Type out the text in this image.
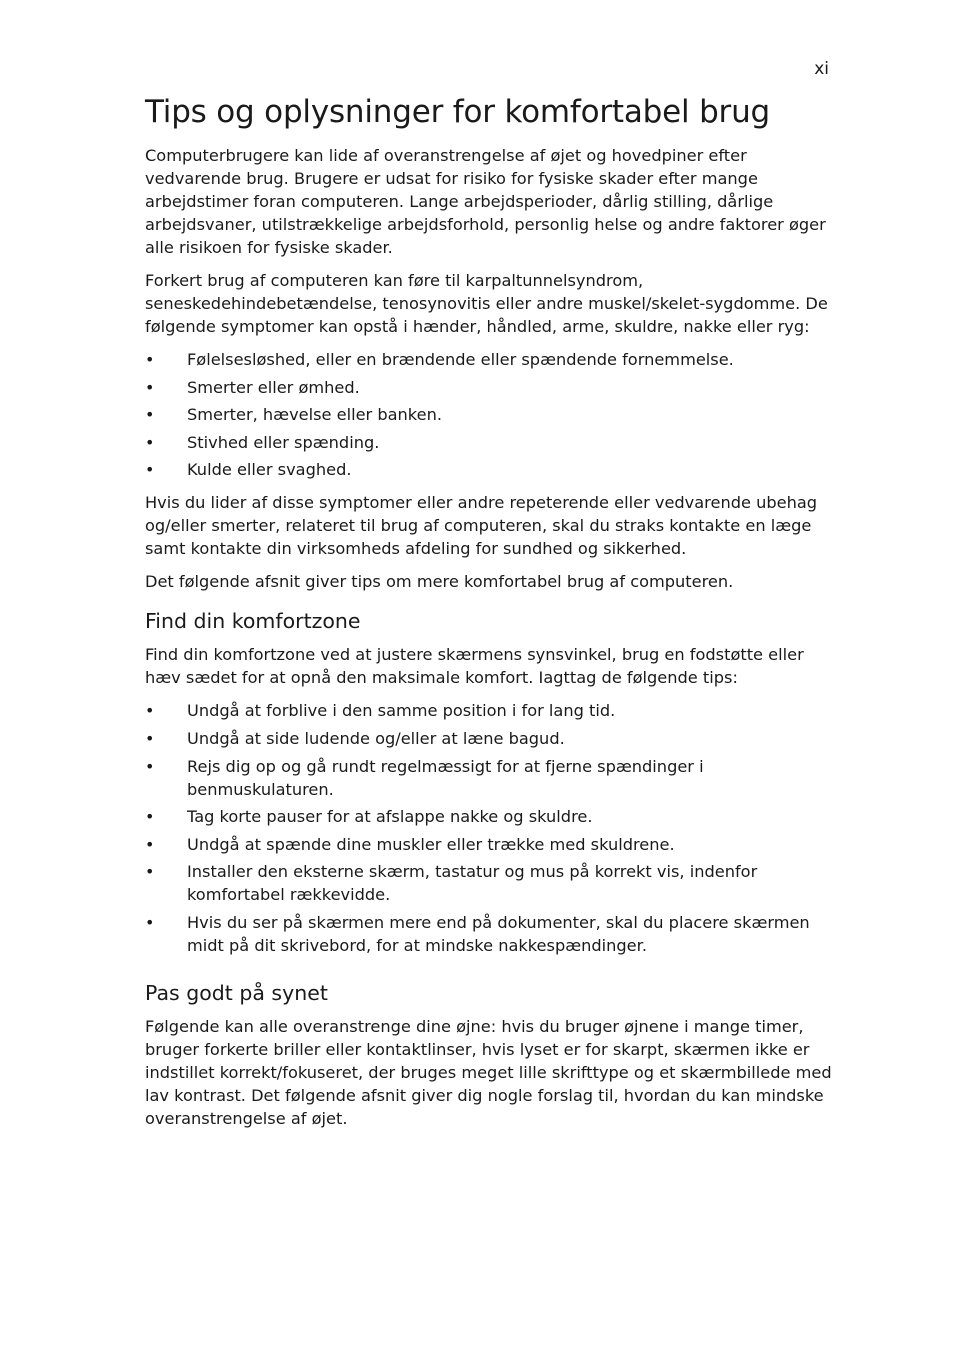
xi
Tips og oplysninger for komfortabel brug

Computerbrugere kan lide af overanstrengelse af øjet og hovedpiner efter vedvarende brug. Brugere er udsat for risiko for fysiske skader efter mange arbejdstimer foran computeren. Lange arbejdsperioder, dårlig stilling, dårlige arbejdsvaner, utilstrækkelige arbejdsforhold, personlig helse og andre faktorer øger alle risikoen for fysiske skader.

Forkert brug af computeren kan føre til karpaltunnelsyndrom, seneskedehindebetændelse, tenosynovitis eller andre muskel/skelet-sygdomme. De følgende symptomer kan opstå i hænder, håndled, arme, skuldre, nakke eller ryg:

• Følelsesløshed, eller en brændende eller spændende fornemmelse.
• Smerter eller ømhed.
• Smerter, hævelse eller banken.
• Stivhed eller spænding.
• Kulde eller svaghed.

Hvis du lider af disse symptomer eller andre repeterende eller vedvarende ubehag og/eller smerter, relateret til brug af computeren, skal du straks kontakte en læge samt kontakte din virksomheds afdeling for sundhed og sikkerhed.

Det følgende afsnit giver tips om mere komfortabel brug af computeren.

Find din komfortzone

Find din komfortzone ved at justere skærmens synsvinkel, brug en fodstøtte eller hæv sædet for at opnå den maksimale komfort. Iagttag de følgende tips:

• Undgå at forblive i den samme position i for lang tid.
• Undgå at side ludende og/eller at læne bagud.
• Rejs dig op og gå rundt regelmæssigt for at fjerne spændinger i benmuskulaturen.
• Tag korte pauser for at afslappe nakke og skuldre.
• Undgå at spænde dine muskler eller trække med skuldrene.
• Installer den eksterne skærm, tastatur og mus på korrekt vis, indenfor komfortabel rækkevidde.
• Hvis du ser på skærmen mere end på dokumenter, skal du placere skærmen midt på dit skrivebord, for at mindske nakkespændinger.
Pas godt på synet

Følgende kan alle overanstrenge dine øjne: hvis du bruger øjnene i mange timer, bruger forkerte briller eller kontaktlinser, hvis lyset er for skarpt, skærmen ikke er indstillet korrekt/fokuseret, der bruges meget lille skrifttype og et skærmbillede med lav kontrast. Det følgende afsnit giver dig nogle forslag til, hvordan du kan mindske overanstrengelse af øjet.
